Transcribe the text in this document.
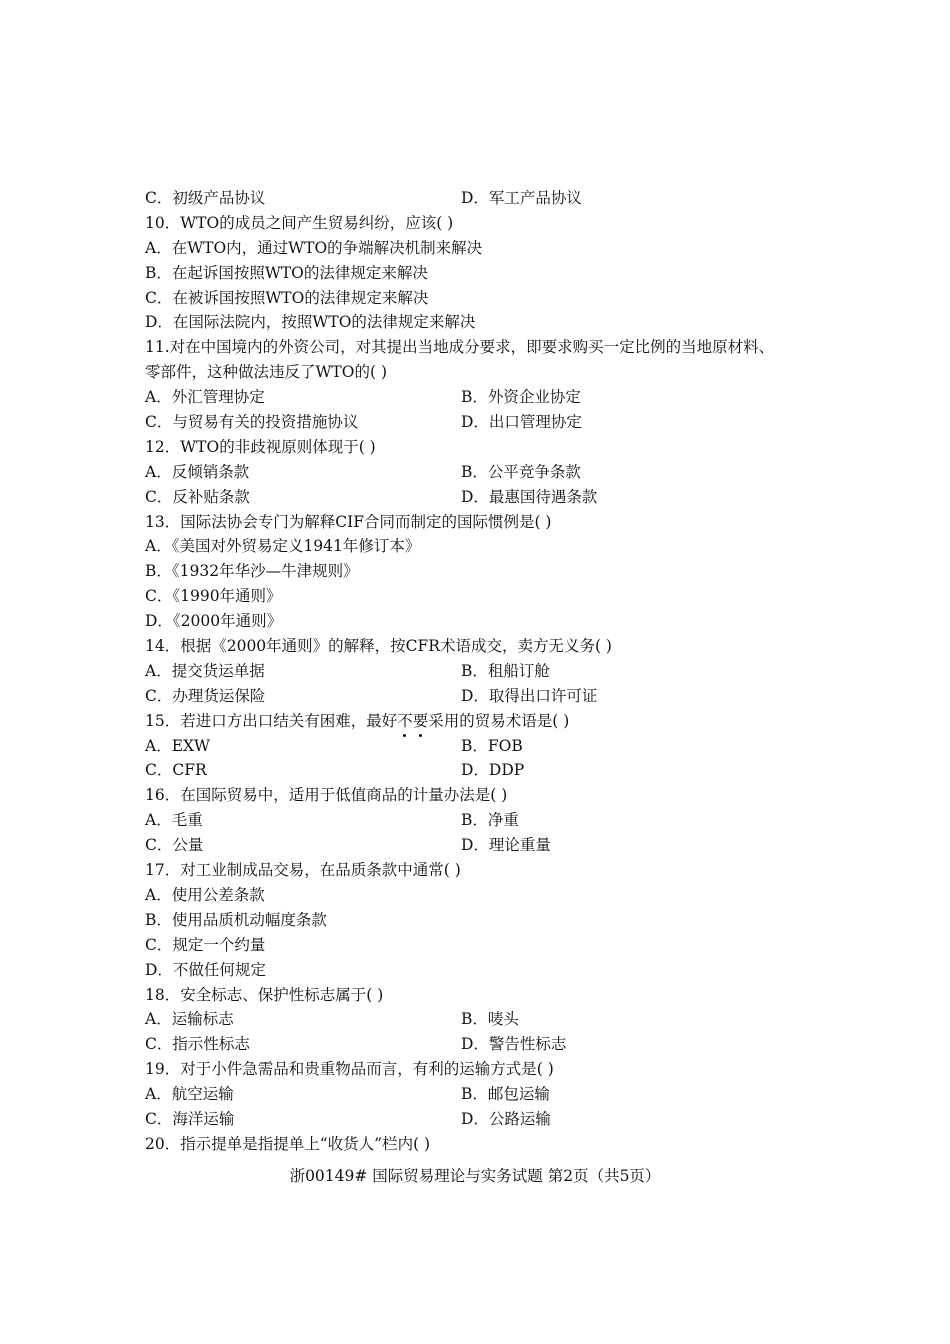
C．初级产品协议	D．军工产品协议
10．WTO的成员之间产生贸易纠纷，应该( )
A．在WTO内，通过WTO的争端解决机制来解决
B．在起诉国按照WTO的法律规定来解决
C．在被诉国按照WTO的法律规定来解决
D．在国际法院内，按照WTO的法律规定来解决
11.对在中国境内的外资公司，对其提出当地成分要求，即要求购买一定比例的当地原材料、
零部件，这种做法违反了WTO的( )
A．外汇管理协定	B．外资企业协定
C．与贸易有关的投资措施协议	D．出口管理协定
12．WTO的非歧视原则体现于( )
A．反倾销条款	B．公平竞争条款
C．反补贴条款	D．最惠国待遇条款
13．国际法协会专门为解释CIF合同而制定的国际惯例是( )
A．《美国对外贸易定义1941年修订本》
B．《1932年华沙—牛津规则》
C．《1990年通则》
D．《2000年通则》
14．根据《2000年通则》的解释，按CFR术语成交，卖方无义务( )
A．提交货运单据	B．租船订舱
C．办理货运保险	D．取得出口许可证
15．若进口方出口结关有困难，最好不
要
采用的贸易术语是( )
A．EXW	B．FOB
C．CFR	D．DDP
16．在国际贸易中，适用于低值商品的计量办法是( )
A．毛重	B．净重
C．公量	D．理论重量
17．对工业制成品交易，在品质条款中通常( )
A．使用公差条款
B．使用品质机动幅度条款
C．规定一个约量
D．不做任何规定
18．安全标志、保护性标志属于( )
A．运输标志	B．唛头
C．指示性标志	D．警告性标志
19．对于小件急需品和贵重物品而言，有利的运输方式是( )
A．航空运输	B．邮包运输
C．海洋运输	D．公路运输
20．指示提单是指提单上“收货人”栏内( )
浙00149# 国际贸易理论与实务试题 第2页（共5页）
